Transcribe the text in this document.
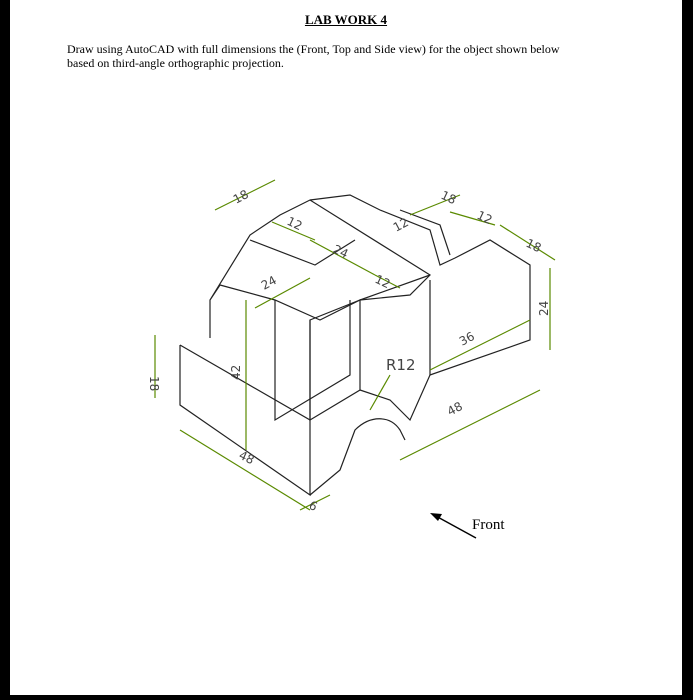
LAB WORK 4
Draw using AutoCAD with full dimensions the (Front, Top and Side view) for the object shown below
based on third-angle orthographic projection.
18
12
24
12
18
12
18
24
12
24
36
18
42
48
48
6
R12
Front
